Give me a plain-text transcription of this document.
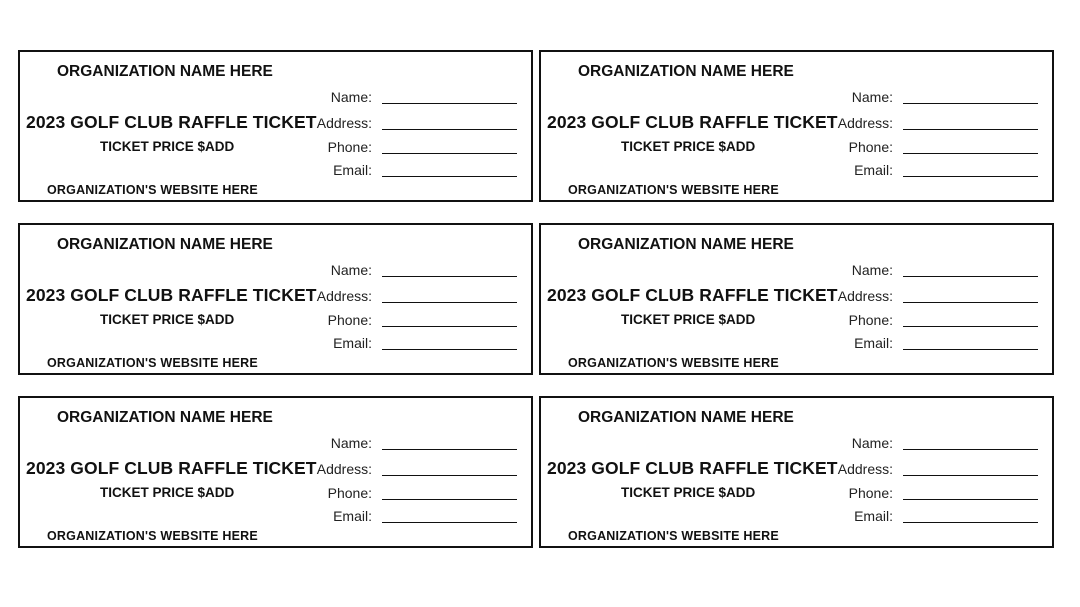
ORGANIZATION NAME HERE
2023 GOLF CLUB RAFFLE TICKET
TICKET PRICE $ADD
ORGANIZATION'S WEBSITE HERE
Name:
Address:
Phone:
Email:
ORGANIZATION NAME HERE
2023 GOLF CLUB RAFFLE TICKET
TICKET PRICE $ADD
ORGANIZATION'S WEBSITE HERE
Name:
Address:
Phone:
Email:
ORGANIZATION NAME HERE
2023 GOLF CLUB RAFFLE TICKET
TICKET PRICE $ADD
ORGANIZATION'S WEBSITE HERE
Name:
Address:
Phone:
Email:
ORGANIZATION NAME HERE
2023 GOLF CLUB RAFFLE TICKET
TICKET PRICE $ADD
ORGANIZATION'S WEBSITE HERE
Name:
Address:
Phone:
Email:
ORGANIZATION NAME HERE
2023 GOLF CLUB RAFFLE TICKET
TICKET PRICE $ADD
ORGANIZATION'S WEBSITE HERE
Name:
Address:
Phone:
Email:
ORGANIZATION NAME HERE
2023 GOLF CLUB RAFFLE TICKET
TICKET PRICE $ADD
ORGANIZATION'S WEBSITE HERE
Name:
Address:
Phone:
Email:
